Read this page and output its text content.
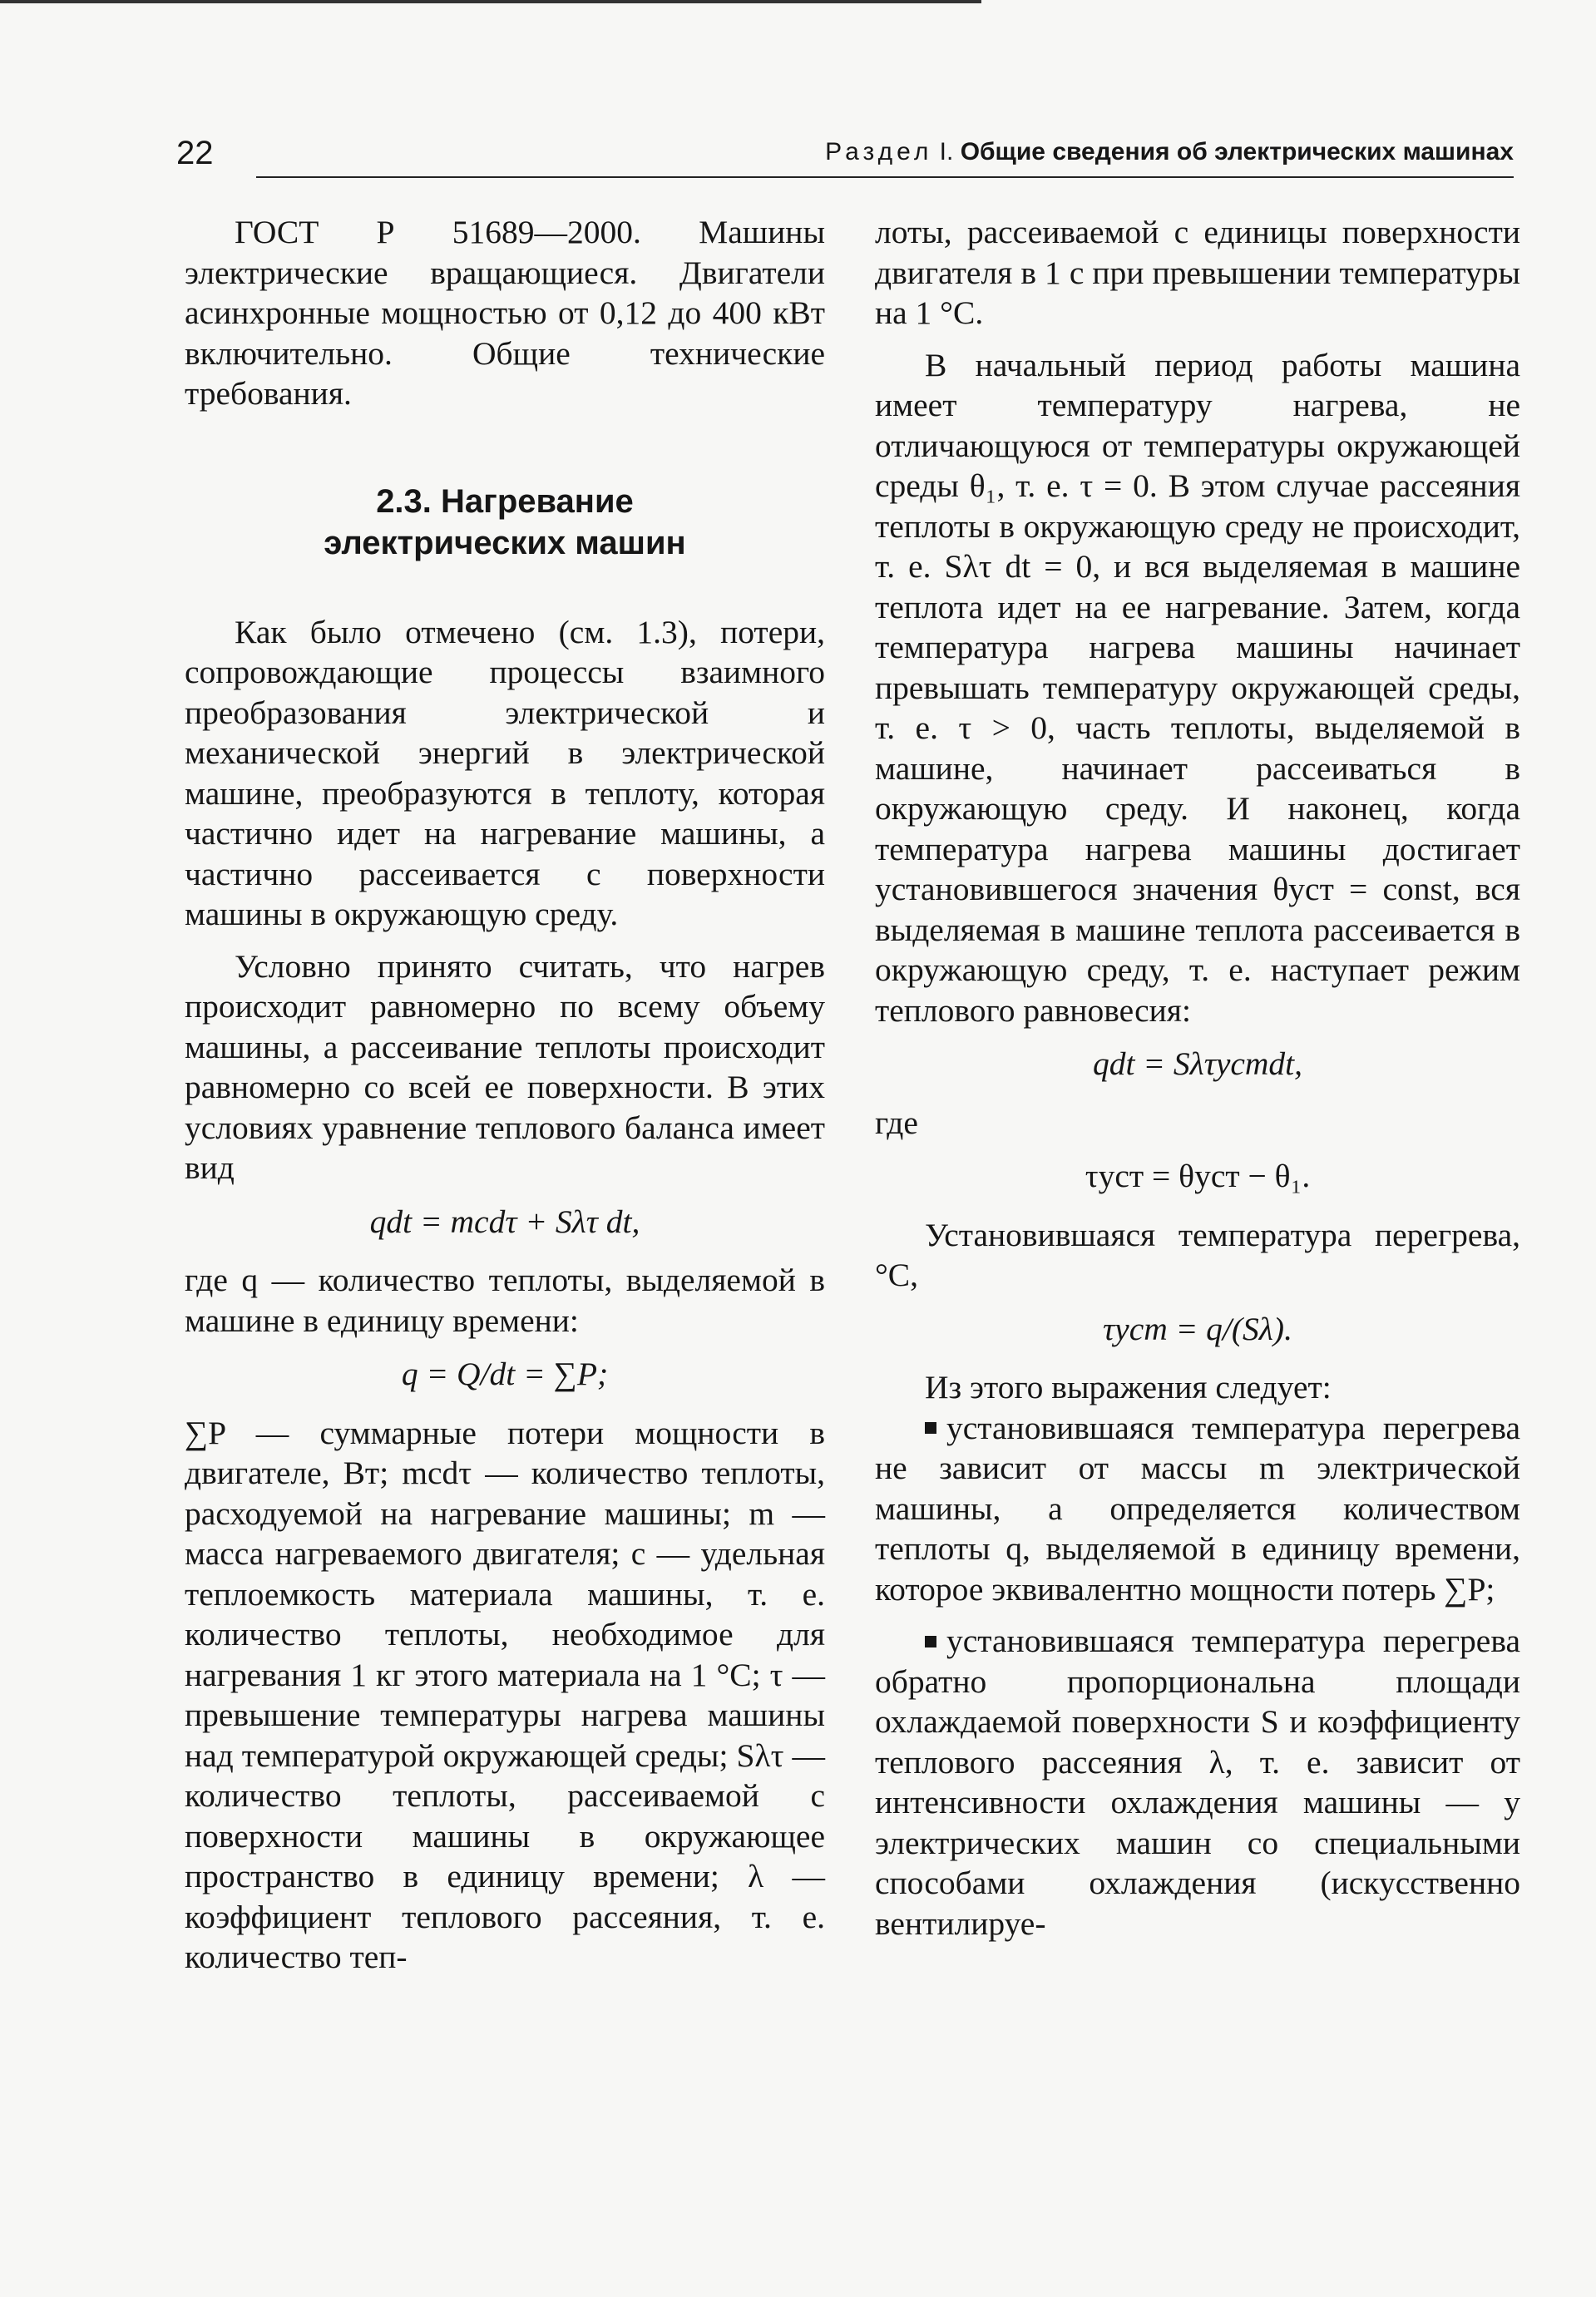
22	Раздел I. Общие сведения об электрических машинах

ГОСТ Р 51689—2000. Машины электрические вращающиеся. Двигатели асинхронные мощностью от 0,12 до 400 кВт включительно. Общие технические требования.

2.3. Нагревание
электрических машин

Как было отмечено (см. 1.3), потери, сопровождающие процессы взаимного преобразования электрической и механической энергий в электрической машине, преобразуются в теплоту, которая частично идет на нагревание машины, а частично рассеивается с поверхности машины в окружающую среду.

Условно принято считать, что нагрев происходит равномерно по всему объему машины, а рассеивание теплоты происходит равномерно со всей ее поверхности. В этих условиях уравнение теплового баланса имеет вид

qdt = mcdτ + Sλτ dt,

где q — количество теплоты, выделяемой в машине в единицу времени:

q = Q/dt = ∑P;

∑P — суммарные потери мощности в двигателе, Вт; mcdτ — количество теплоты, расходуемой на нагревание машины; m — масса нагреваемого двигателя; c — удельная теплоемкость материала машины, т. е. количество теплоты, необходимое для нагревания 1 кг этого материала на 1 °С; τ — превышение температуры нагрева машины над температурой окружающей среды; Sλτ — количество теплоты, рассеиваемой с поверхности машины в окружающее пространство в единицу времени; λ — коэффициент теплового рассеяния, т. е. количество теп-

лоты, рассеиваемой с единицы поверхности двигателя в 1 с при превышении температуры на 1 °С.

В начальный период работы машина имеет температуру нагрева, не отличающуюся от температуры окружающей среды θ₁, т. е. τ = 0. В этом случае рассеяния теплоты в окружающую среду не происходит, т. е. Sλτ dt = 0, и вся выделяемая в машине теплота идет на ее нагревание. Затем, когда температура нагрева машины начинает превышать температуру окружающей среды, т. е. τ > 0, часть теплоты, выделяемой в машине, начинает рассеиваться в окружающую среду. И наконец, когда температура нагрева машины достигает установившегося значения θуст = const, вся выделяемая в машине теплота рассеивается в окружающую среду, т. е. наступает режим теплового равновесия:

qdt = Sλτустdt,

где

τуст = θуст − θ₁.

Установившаяся температура перегрева, °С,

τуст = q/(Sλ).

Из этого выражения следует:

установившаяся температура перегрева не зависит от массы m электрической машины, а определяется количеством теплоты q, выделяемой в единицу времени, которое эквивалентно мощности потерь ∑P;

установившаяся температура перегрева обратно пропорциональна площади охлаждаемой поверхности S и коэффициенту теплового рассеяния λ, т. е. зависит от интенсивности охлаждения машины — у электрических машин со специальными способами охлаждения (искусственно вентилируе-
